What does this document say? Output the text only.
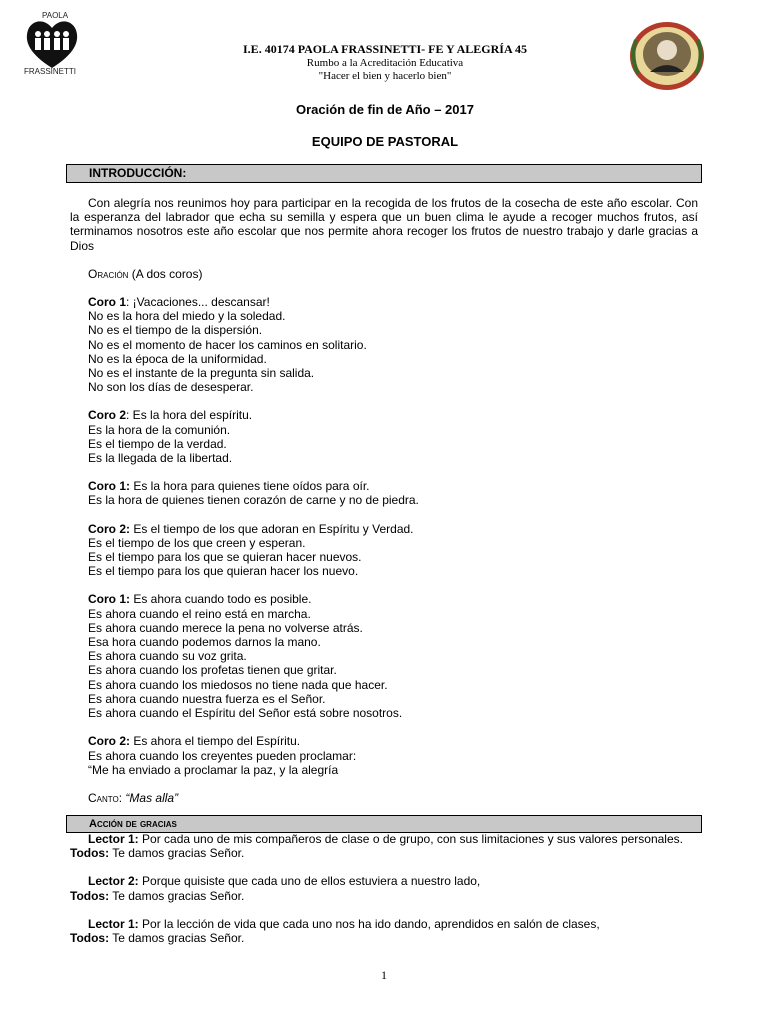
PAOLA
FRASSINETTI
I.E. 40174 PAOLA FRASSINETTI- FE Y ALEGRÍA 45
Rumbo a la Acreditación Educativa
"Hacer el bien y hacerlo bien"
Oración de fin de Año – 2017
EQUIPO DE PASTORAL
INTRODUCCIÓN:

Con alegría nos reunimos hoy para participar en la recogida de los frutos de la cosecha de este año escolar. Con la esperanza del labrador que echa su semilla y espera que un buen clima le ayude a recoger muchos frutos, así terminamos nosotros este año escolar que nos permite ahora recoger los frutos de nuestro trabajo y darle gracias a Dios

Oración (A dos coros)

Coro 1: ¡Vacaciones... descansar!
No es la hora del miedo y la soledad.
No es el tiempo de la dispersión.
No es el momento de hacer los caminos en solitario.
No es la época de la uniformidad.
No es el instante de la pregunta sin salida.
No son los días de desesperar.

Coro 2: Es la hora del espíritu.
Es la hora de la comunión.
Es el tiempo de la verdad.
Es la llegada de la libertad.

Coro 1: Es la hora para quienes tiene oídos para oír.
Es la hora de quienes tienen corazón de carne y no de piedra.

Coro 2: Es el tiempo de los que adoran en Espíritu y Verdad.
Es el tiempo de los que creen y esperan.
Es el tiempo para los que se quieran hacer nuevos.
Es el tiempo para los que quieran hacer los nuevo.

Coro 1: Es ahora cuando todo es posible.
Es ahora cuando el reino está en marcha.
Es ahora cuando merece la pena no volverse atrás.
Esa hora cuando podemos darnos la mano.
Es ahora cuando su voz grita.
Es ahora cuando los profetas tienen que gritar.
Es ahora cuando los miedosos no tiene nada que hacer.
Es ahora cuando nuestra fuerza es el Señor.
Es ahora cuando el Espíritu del Señor está sobre nosotros.

Coro 2: Es ahora el tiempo del Espíritu.
Es ahora cuando los creyentes pueden proclamar:
“Me ha enviado a proclamar la paz, y la alegría

Canto: “Mas alla”

Acción de gracias

Lector 1: Por cada uno de mis compañeros de clase o de grupo, con sus limitaciones y sus valores personales.
Todos: Te damos gracias Señor.

Lector 2: Porque quisiste que cada uno de ellos estuviera a nuestro lado,
Todos: Te damos gracias Señor.

Lector 1: Por la lección de vida que cada uno nos ha ido dando, aprendidos en salón de clases,
Todos: Te damos gracias Señor.

1
